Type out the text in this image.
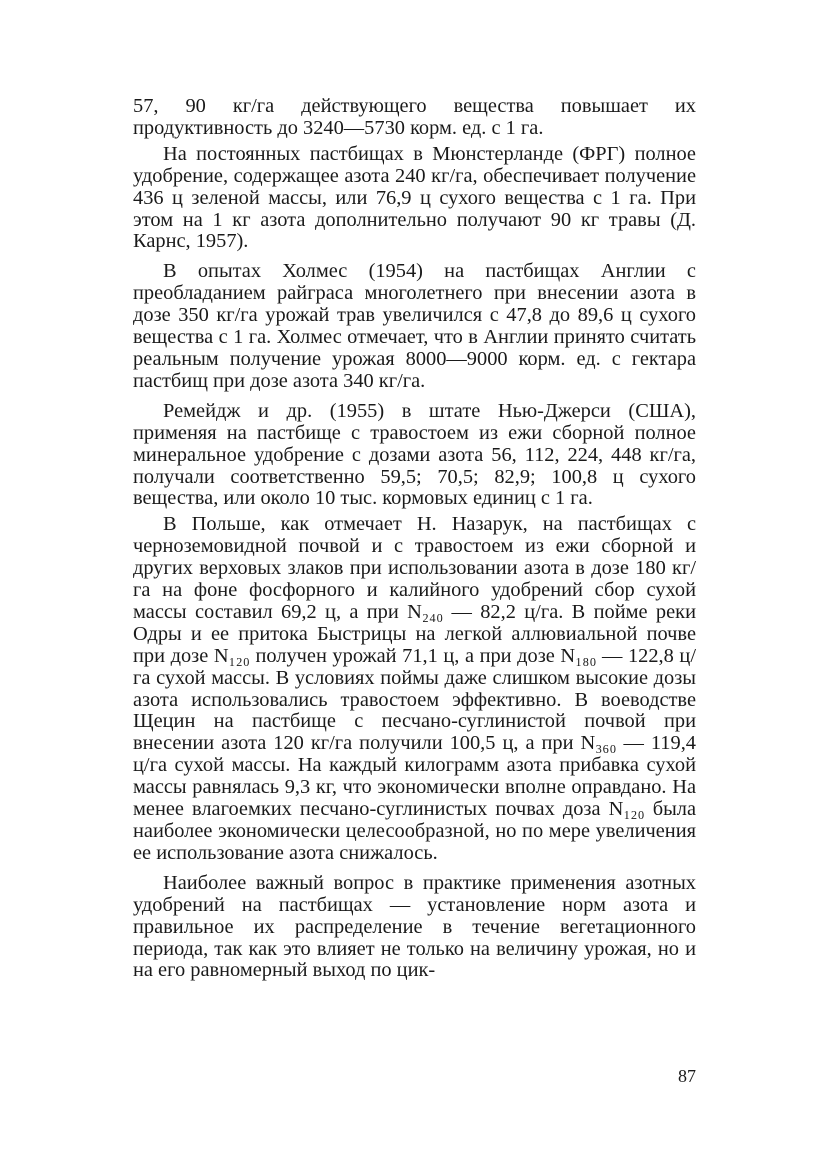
57, 90 кг/га действующего вещества повышает их продуктивность до 3240—5730 корм. ед. с 1 га.

На постоянных пастбищах в Мюнстерланде (ФРГ) полное удобрение, содержащее азота 240 кг/га, обеспечивает получение 436 ц зеленой массы, или 76,9 ц сухого вещества с 1 га. При этом на 1 кг азота дополнительно получают 90 кг травы (Д. Карнс, 1957).

В опытах Холмес (1954) на пастбищах Англии с преобладанием райграса многолетнего при внесении азота в дозе 350 кг/га урожай трав увеличился с 47,8 до 89,6 ц сухого вещества с 1 га. Холмес отмечает, что в Англии принято считать реальным получение урожая 8000—9000 корм. ед. с гектара пастбищ при дозе азота 340 кг/га.

Ремейдж и др. (1955) в штате Нью-Джерси (США), применяя на пастбище с травостоем из ежи сборной полное минеральное удобрение с дозами азота 56, 112, 224, 448 кг/га, получали соответственно 59,5; 70,5; 82,9; 100,8 ц сухого вещества, или около 10 тыс. кормовых единиц с 1 га.

В Польше, как отмечает Н. Назарук, на пастбищах с черноземовидной почвой и с травостоем из ежи сборной и других верховых злаков при использовании азота в дозе 180 кг/га на фоне фосфорного и калийного удобрений сбор сухой массы составил 69,2 ц, а при N₂₄₀ — 82,2 ц/га. В пойме реки Одры и ее притока Быстрицы на легкой аллювиальной почве при дозе N₁₂₀ получен урожай 71,1 ц, а при дозе N₁₈₀ — 122,8 ц/га сухой массы. В условиях поймы даже слишком высокие дозы азота использовались травостоем эффективно. В воеводстве Щецин на пастбище с песчано-суглинистой почвой при внесении азота 120 кг/га получили 100,5 ц, а при N₃₆₀ — 119,4 ц/га сухой массы. На каждый килограмм азота прибавка сухой массы равнялась 9,3 кг, что экономически вполне оправдано. На менее влагоемких песчано-суглинистых почвах доза N₁₂₀ была наиболее экономически целесообразной, но по мере увеличения ее использование азота снижалось.

Наиболее важный вопрос в практике применения азотных удобрений на пастбищах — установление норм азота и правильное их распределение в течение вегетационного периода, так как это влияет не только на величину урожая, но и на его равномерный выход по цик-

87
